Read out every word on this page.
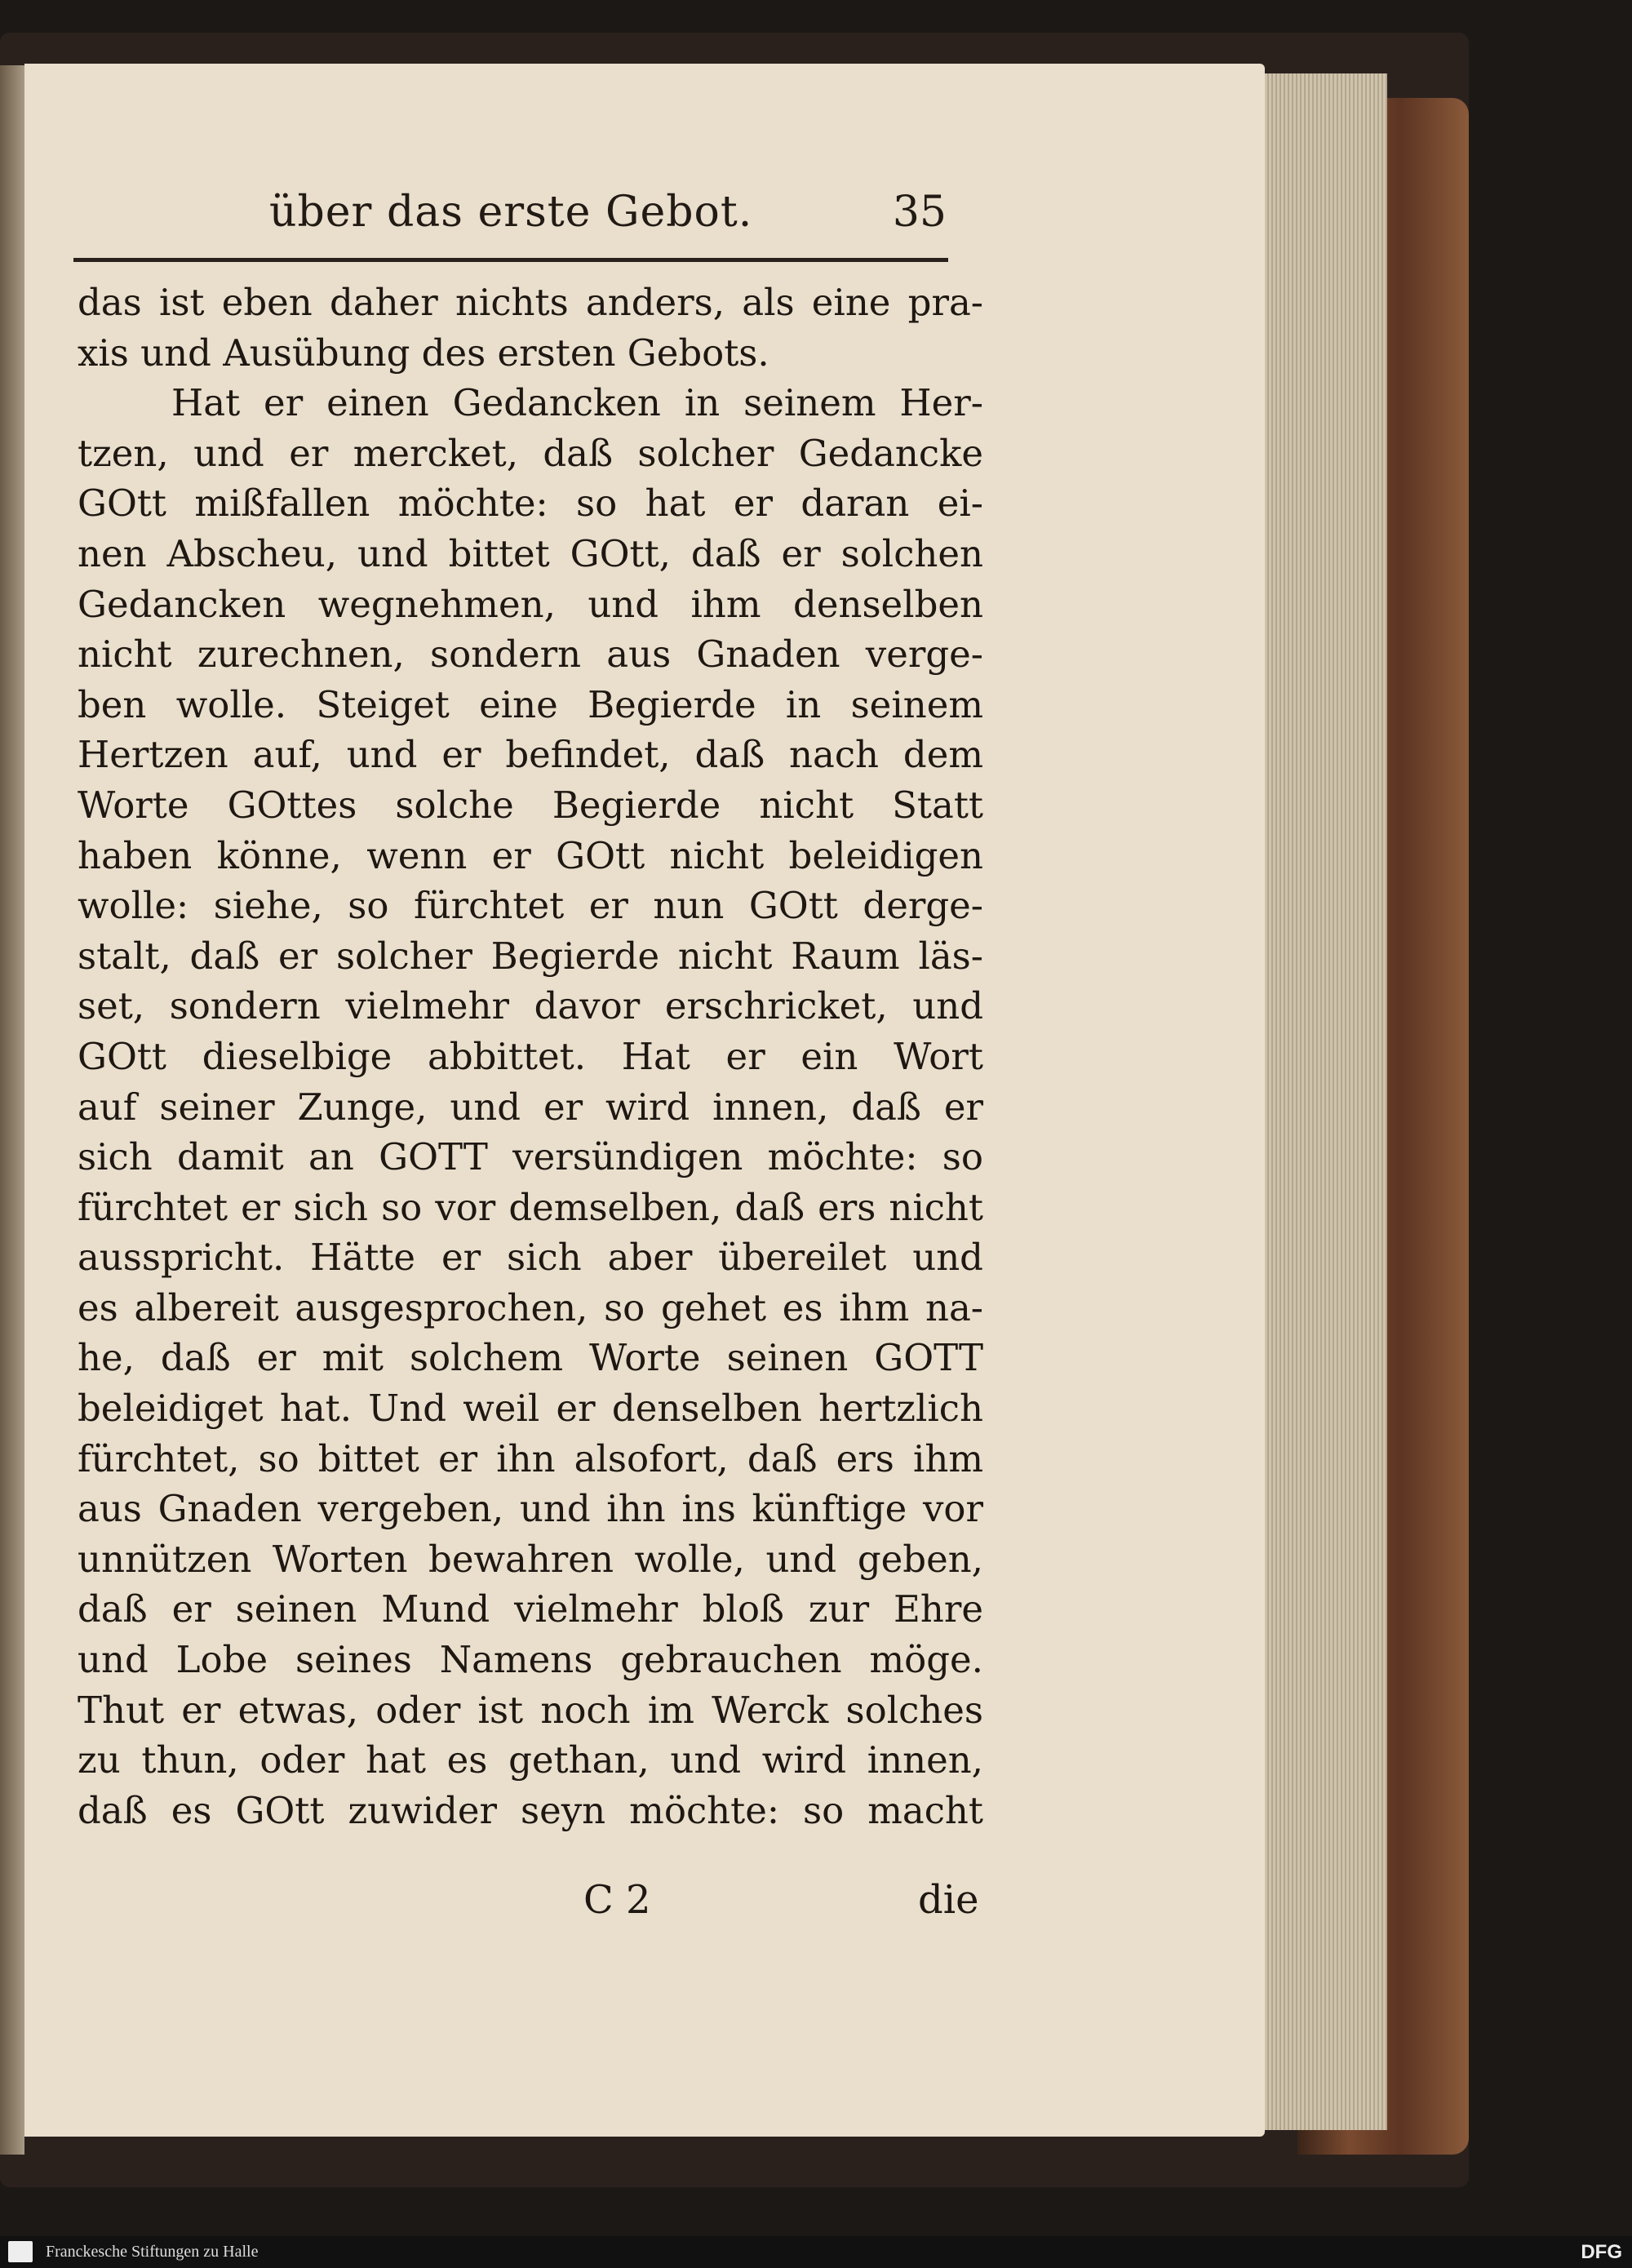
über das erste Gebot.	35
das ist eben daher nichts anders, als eine pra-
xis und Ausübung des ersten Gebots.
Hat er einen Gedancken in seinem Her-
tzen, und er mercket, daß solcher Gedancke
GOtt mißfallen möchte: so hat er daran ei-
nen Abscheu, und bittet GOtt, daß er solchen
Gedancken wegnehmen, und ihm denselben
nicht zurechnen, sondern aus Gnaden verge-
ben wolle. Steiget eine Begierde in seinem
Hertzen auf, und er befindet, daß nach dem
Worte GOttes solche Begierde nicht Statt
haben könne, wenn er GOtt nicht beleidigen
wolle: siehe, so fürchtet er nun GOtt derge-
stalt, daß er solcher Begierde nicht Raum läs-
set, sondern vielmehr davor erschricket, und
GOtt dieselbige abbittet. Hat er ein Wort
auf seiner Zunge, und er wird innen, daß er
sich damit an GOTT versündigen möchte: so
fürchtet er sich so vor demselben, daß ers nicht
ausspricht. Hätte er sich aber übereilet und
es albereit ausgesprochen, so gehet es ihm na-
he, daß er mit solchem Worte seinen GOTT
beleidiget hat. Und weil er denselben hertzlich
fürchtet, so bittet er ihn alsofort, daß ers ihm
aus Gnaden vergeben, und ihn ins künftige vor
unnützen Worten bewahren wolle, und geben,
daß er seinen Mund vielmehr bloß zur Ehre
und Lobe seines Namens gebrauchen möge.
Thut er etwas, oder ist noch im Werck solches
zu thun, oder hat es gethan, und wird innen,
daß es GOtt zuwider seyn möchte: so macht
C 2	die
Franckesche Stiftungen zu Halle	DFG
